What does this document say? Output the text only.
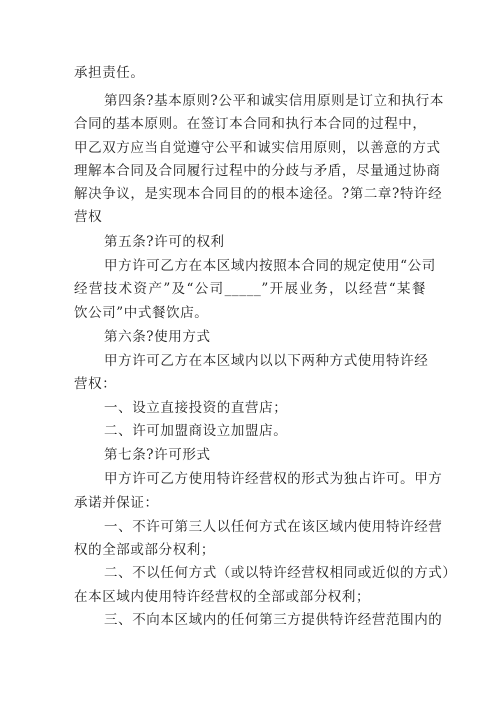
承担责任。
第四条?基本原则?公平和诚实信用原则是订立和执行本
合同的基本原则。在签订本合同和执行本合同的过程中，
甲乙双方应当自觉遵守公平和诚实信用原则，以善意的方式
理解本合同及合同履行过程中的分歧与矛盾，尽量通过协商
解决争议，是实现本合同目的的根本途径。?第二章?特许经
营权
第五条?许可的权利
甲方许可乙方在本区域内按照本合同的规定使用“公司
经营技术资产”及“公司_____”开展业务，以经营“某餐
饮公司”中式餐饮店。
第六条?使用方式
甲方许可乙方在本区域内以以下两种方式使用特许经
营权：
一、设立直接投资的直营店；
二、许可加盟商设立加盟店。
第七条?许可形式
甲方许可乙方使用特许经营权的形式为独占许可。甲方
承诺并保证：
一、不许可第三人以任何方式在该区域内使用特许经营
权的全部或部分权利；
二、不以任何方式（或以特许经营权相同或近似的方式）
在本区域内使用特许经营权的全部或部分权利；
三、不向本区域内的任何第三方提供特许经营范围内的
